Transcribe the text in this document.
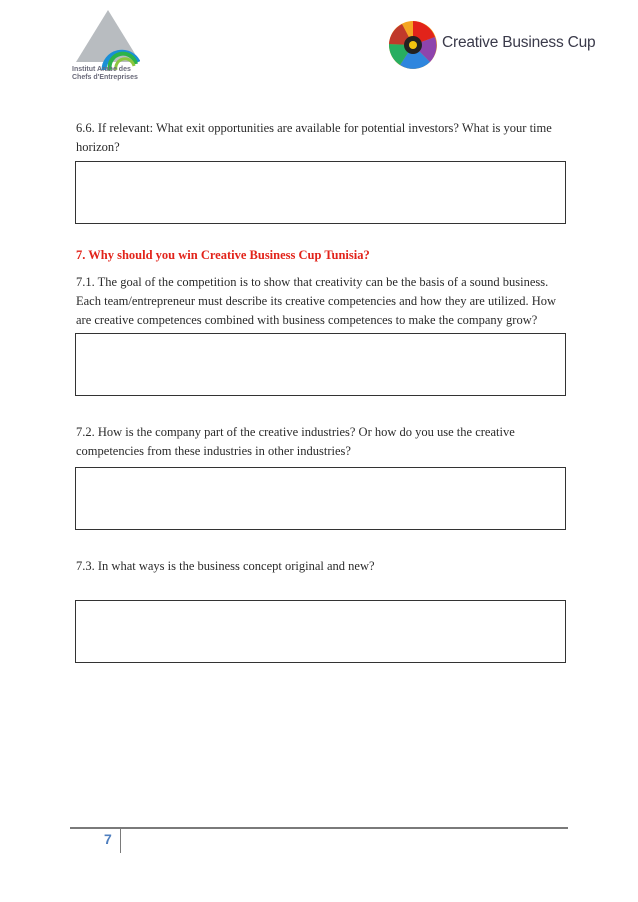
Institut Arabe des Chefs d'Entreprises
Creative Business Cup
6.6. If relevant: What exit opportunities are available for potential investors? What is your time horizon?
7. Why should you win Creative Business Cup Tunisia?
7.1. The goal of the competition is to show that creativity can be the basis of a sound business. Each team/entrepreneur must describe its creative competencies and how they are utilized. How are creative competences combined with business competences to make the company grow?
7.2. How is the company part of the creative industries? Or how do you use the creative competencies from these industries in other industries?
7.3. In what ways is the business concept original and new?
7
